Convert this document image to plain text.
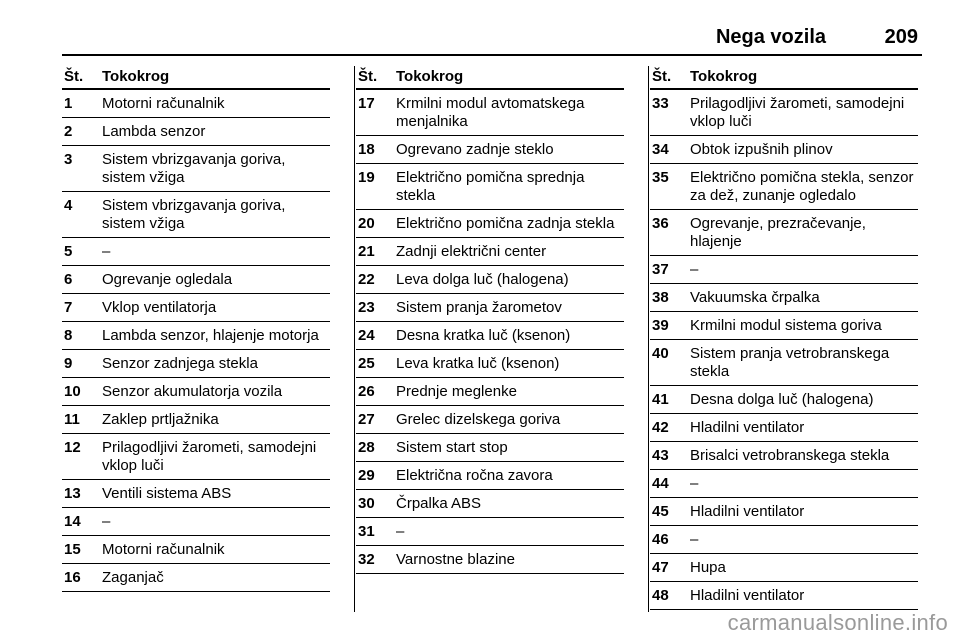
Nega vozila	209
Št. Tokokrog
1 Motorni računalnik
2 Lambda senzor
3 Sistem vbrizgavanja goriva, sistem vžiga
4 Sistem vbrizgavanja goriva, sistem vžiga
5 –
6 Ogrevanje ogledala
7 Vklop ventilatorja
8 Lambda senzor, hlajenje motorja
9 Senzor zadnjega stekla
10 Senzor akumulatorja vozila
11 Zaklep prtljažnika
12 Prilagodljivi žarometi, samodejni vklop luči
13 Ventili sistema ABS
14 –
15 Motorni računalnik
16 Zaganjač
Št. Tokokrog
17 Krmilni modul avtomatskega menjalnika
18 Ogrevano zadnje steklo
19 Električno pomična sprednja stekla
20 Električno pomična zadnja stekla
21 Zadnji električni center
22 Leva dolga luč (halogena)
23 Sistem pranja žarometov
24 Desna kratka luč (ksenon)
25 Leva kratka luč (ksenon)
26 Prednje meglenke
27 Grelec dizelskega goriva
28 Sistem start stop
29 Električna ročna zavora
30 Črpalka ABS
31 –
32 Varnostne blazine
Št. Tokokrog
33 Prilagodljivi žarometi, samodejni vklop luči
34 Obtok izpušnih plinov
35 Električno pomična stekla, senzor za dež, zunanje ogledalo
36 Ogrevanje, prezračevanje, hlajenje
37 –
38 Vakuumska črpalka
39 Krmilni modul sistema goriva
40 Sistem pranja vetrobranskega stekla
41 Desna dolga luč (halogena)
42 Hladilni ventilator
43 Brisalci vetrobranskega stekla
44 –
45 Hladilni ventilator
46 –
47 Hupa
48 Hladilni ventilator
carmanualsonline.info
